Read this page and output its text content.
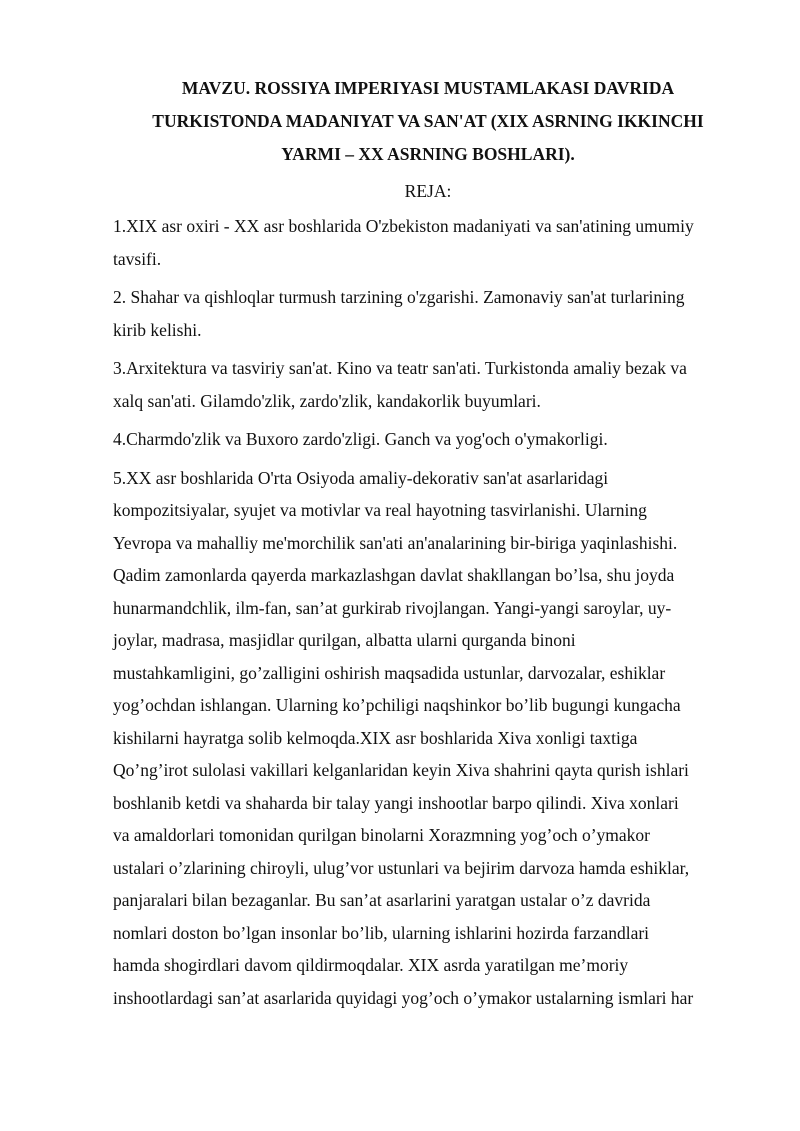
MAVZU. ROSSIYA IMPERIYASI MUSTAMLAKASI DAVRIDA
TURKISTONDA MADANIYAT VA SAN'AT (XIX ASRNING IKKINCHI
YARMI – XX ASRNING BOSHLARI).
REJA:

1.XIX asr oxiri - XX asr boshlarida O'zbekiston madaniyati va san'atining umumiy
tavsifi.

2. Shahar va qishloqlar turmush tarzining o'zgarishi. Zamonaviy san'at turlarining
kirib kelishi.

3.Arxitektura va tasviriy san'at. Kino va teatr san'ati. Turkistonda amaliy bezak va
xalq san'ati. Gilamdo'zlik, zardo'zlik, kandakorlik buyumlari.

4.Charmdo'zlik va Buxoro zardo'zligi. Ganch va yog'och o'ymakorligi.

5.XX asr boshlarida O'rta Osiyoda amaliy-dekorativ san'at asarlaridagi
kompozitsiyalar, syujet va motivlar va real hayotning tasvirlanishi. Ularning
Yevropa va mahalliy me'morchilik san'ati an'analarining bir-biriga yaqinlashishi.
Qadim zamonlarda qayerda markazlashgan davlat shakllangan bo’lsa, shu joyda
hunarmandchlik, ilm-fan, san’at gurkirab rivojlangan. Yangi-yangi saroylar, uy-
joylar, madrasa, masjidlar qurilgan, albatta ularni qurganda binoni
mustahkamligini, go’zalligini oshirish maqsadida ustunlar, darvozalar, eshiklar
yog’ochdan ishlangan. Ularning ko’pchiligi naqshinkor bo’lib bugungi kungacha
kishilarni hayratga solib kelmoqda.XIX asr boshlarida Xiva xonligi taxtiga
Qo’ng’irot sulolasi vakillari kelganlaridan keyin Xiva shahrini qayta qurish ishlari
boshlanib ketdi va shaharda bir talay yangi inshootlar barpo qilindi. Xiva xonlari
va amaldorlari tomonidan qurilgan binolarni Xorazmning yog’och o’ymakor
ustalari o’zlarining chiroyli, ulug’vor ustunlari va bejirim darvoza hamda eshiklar,
panjaralari bilan bezaganlar. Bu san’at asarlarini yaratgan ustalar o’z davrida
nomlari doston bo’lgan insonlar bo’lib, ularning ishlarini hozirda farzandlari
hamda shogirdlari davom qildirmoqdalar. XIX asrda yaratilgan me’moriy
inshootlardagi san’at asarlarida quyidagi yog’och o’ymakor ustalarning ismlari har
